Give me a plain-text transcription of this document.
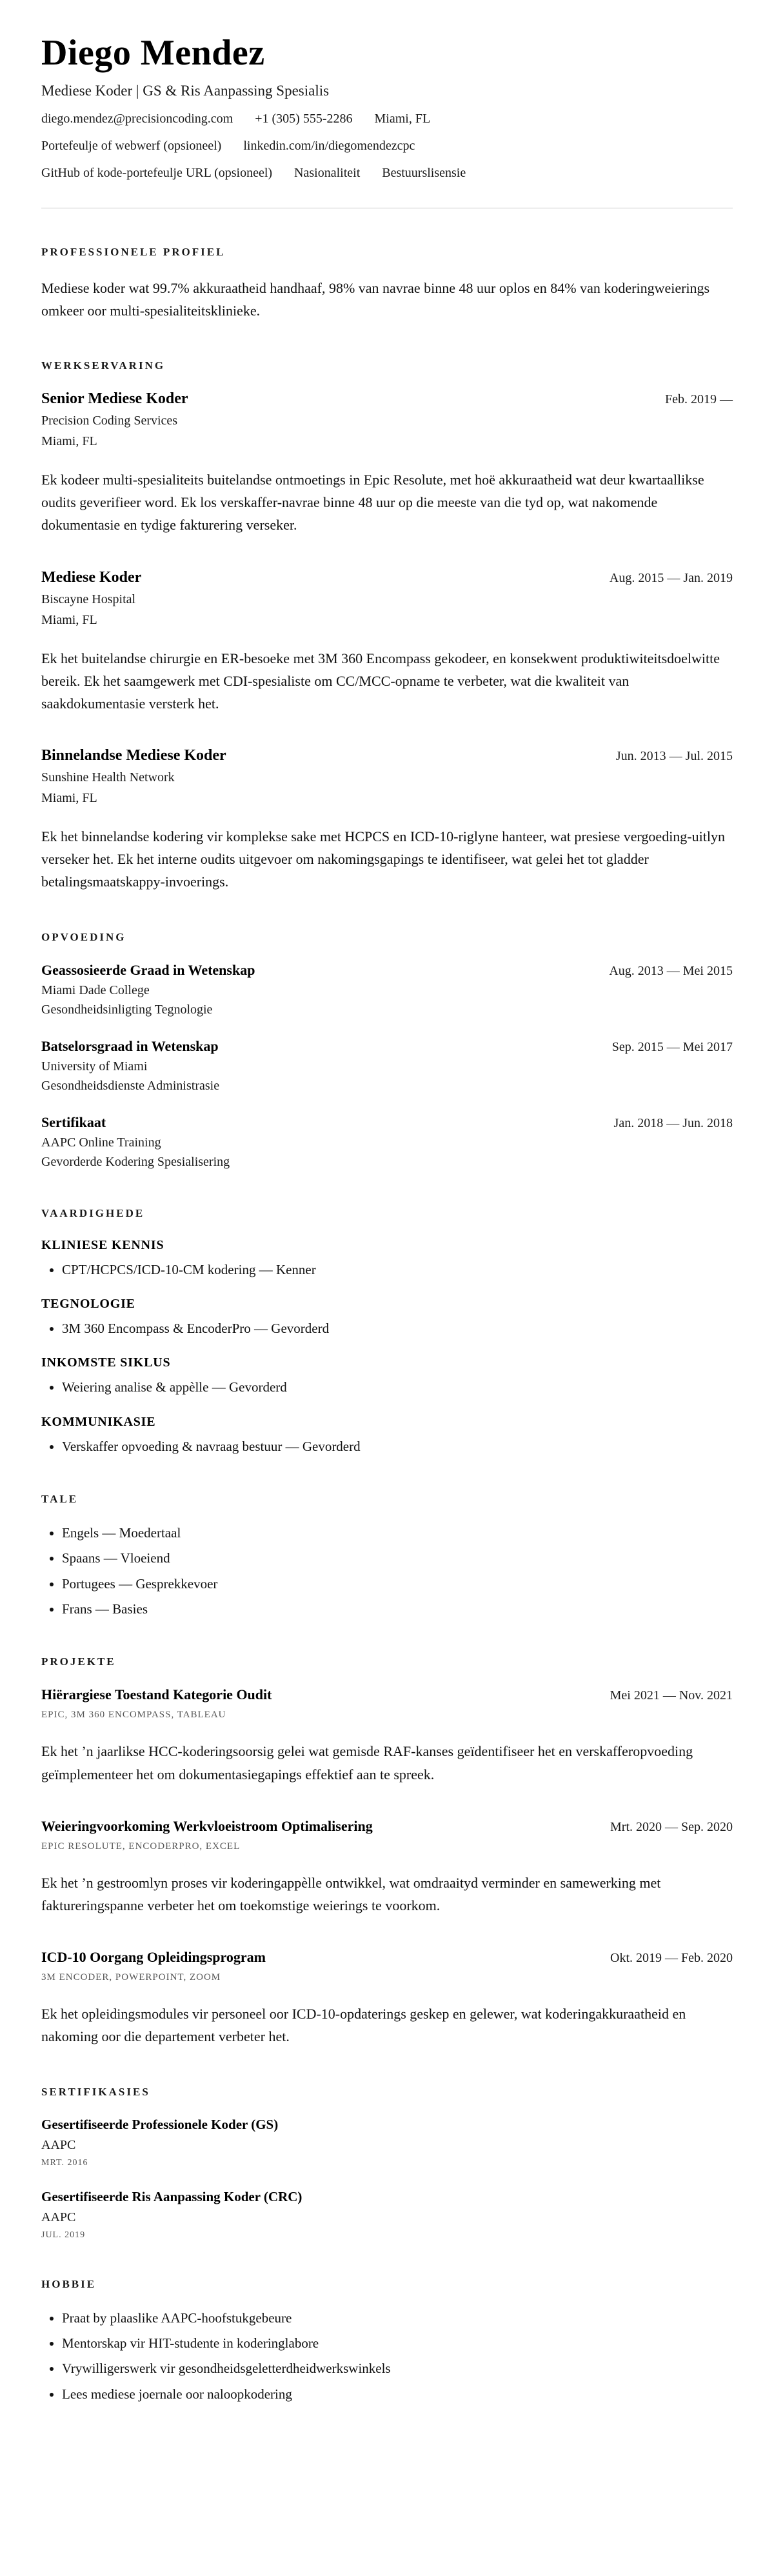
Diego Mendez
Mediese Koder | GS & Ris Aanpassing Spesialis
diego.mendez@precisioncoding.com +1 (305) 555-2286 Miami, FL
Portefeulje of webwerf (opsioneel) linkedin.com/in/diegomendezcpc
GitHub of kode-portefeulje URL (opsioneel) Nasionaliteit Bestuurslisensie
PROFESSIONELE PROFIEL

Mediese koder wat 99.7% akkuraatheid handhaaf, 98% van navrae binne 48 uur oplos en 84% van koderingweierings omkeer oor multi-spesialiteitsklinieke.

WERKSERVARING
Senior Mediese Koder	Feb. 2019 —
Precision Coding Services
Miami, FL

Ek kodeer multi-spesialiteits buitelandse ontmoetings in Epic Resolute, met hoë akkuraatheid wat deur kwartaallikse oudits geverifieer word. Ek los verskaffer-navrae binne 48 uur op die meeste van die tyd op, wat nakomende dokumentasie en tydige fakturering verseker.

Mediese Koder	Aug. 2015 — Jan. 2019
Biscayne Hospital
Miami, FL

Ek het buitelandse chirurgie en ER-besoeke met 3M 360 Encompass gekodeer, en konsekwent produktiwiteitsdoelwitte bereik. Ek het saamgewerk met CDI-spesialiste om CC/MCC-opname te verbeter, wat die kwaliteit van saakdokumentasie versterk het.

Binnelandse Mediese Koder	Jun. 2013 — Jul. 2015
Sunshine Health Network
Miami, FL

Ek het binnelandse kodering vir komplekse sake met HCPCS en ICD-10-riglyne hanteer, wat presiese vergoeding-uitlyn verseker het. Ek het interne oudits uitgevoer om nakomingsgapings te identifiseer, wat gelei het tot gladder betalingsmaatskappy-invoerings.

OPVOEDING
Geassosieerde Graad in Wetenskap	Aug. 2013 — Mei 2015
Miami Dade College
Gesondheidsinligting Tegnologie
Batselorsgraad in Wetenskap	Sep. 2015 — Mei 2017
University of Miami
Gesondheidsdienste Administrasie
Sertifikaat	Jan. 2018 — Jun. 2018
AAPC Online Training
Gevorderde Kodering Spesialisering
VAARDIGHEDE
KLINIESE KENNIS
• CPT/HCPCS/ICD-10-CM kodering — Kenner
TEGNOLOGIE
• 3M 360 Encompass & EncoderPro — Gevorderd
INKOMSTE SIKLUS
• Weiering analise & appèlle — Gevorderd
KOMMUNIKASIE
• Verskaffer opvoeding & navraag bestuur — Gevorderd
TALE
• Engels — Moedertaal
• Spaans — Vloeiend
• Portugees — Gesprekkevoer
• Frans — Basies
PROJEKTE
Hiërargiese Toestand Kategorie Oudit	Mei 2021 — Nov. 2021
EPIC, 3M 360 ENCOMPASS, TABLEAU

Ek het ’n jaarlikse HCC-koderingsoorsig gelei wat gemisde RAF-kanses geïdentifiseer het en verskafferopvoeding geïmplementeer het om dokumentasiegapings effektief aan te spreek.

Weieringvoorkoming Werkvloeistroom Optimalisering	Mrt. 2020 — Sep. 2020
EPIC RESOLUTE, ENCODERPRO, EXCEL

Ek het ’n gestroomlyn proses vir koderingappèlle ontwikkel, wat omdraaityd verminder en samewerking met faktureringspanne verbeter het om toekomstige weierings te voorkom.

ICD-10 Oorgang Opleidingsprogram	Okt. 2019 — Feb. 2020
3M ENCODER, POWERPOINT, ZOOM

Ek het opleidingsmodules vir personeel oor ICD-10-opdaterings geskep en gelewer, wat koderingakkuraatheid en nakoming oor die departement verbeter het.

SERTIFIKASIES
Gesertifiseerde Professionele Koder (GS)
AAPC
MRT. 2016
Gesertifiseerde Ris Aanpassing Koder (CRC)
AAPC
JUL. 2019
HOBBIE
• Praat by plaaslike AAPC-hoofstukgebeure
• Mentorskap vir HIT-studente in koderinglabore
• Vrywilligerswerk vir gesondheidsgeletterdheidwerkswinkels
• Lees mediese joernale oor naloopkodering
